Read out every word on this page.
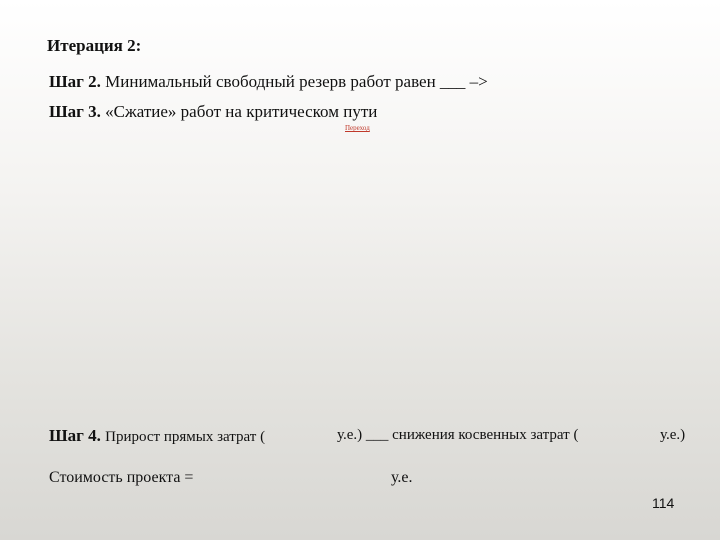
Итерация 2:
Шаг 2. Минимальный свободный резерв работ равен ___ –>
Шаг 3. «Сжатие» работ на критическом пути
Переход
Шаг 4. Прирост прямых затрат (	у.е.) ___ снижения косвенных затрат (	у.е.)
Стоимость проекта =	у.е.
114
